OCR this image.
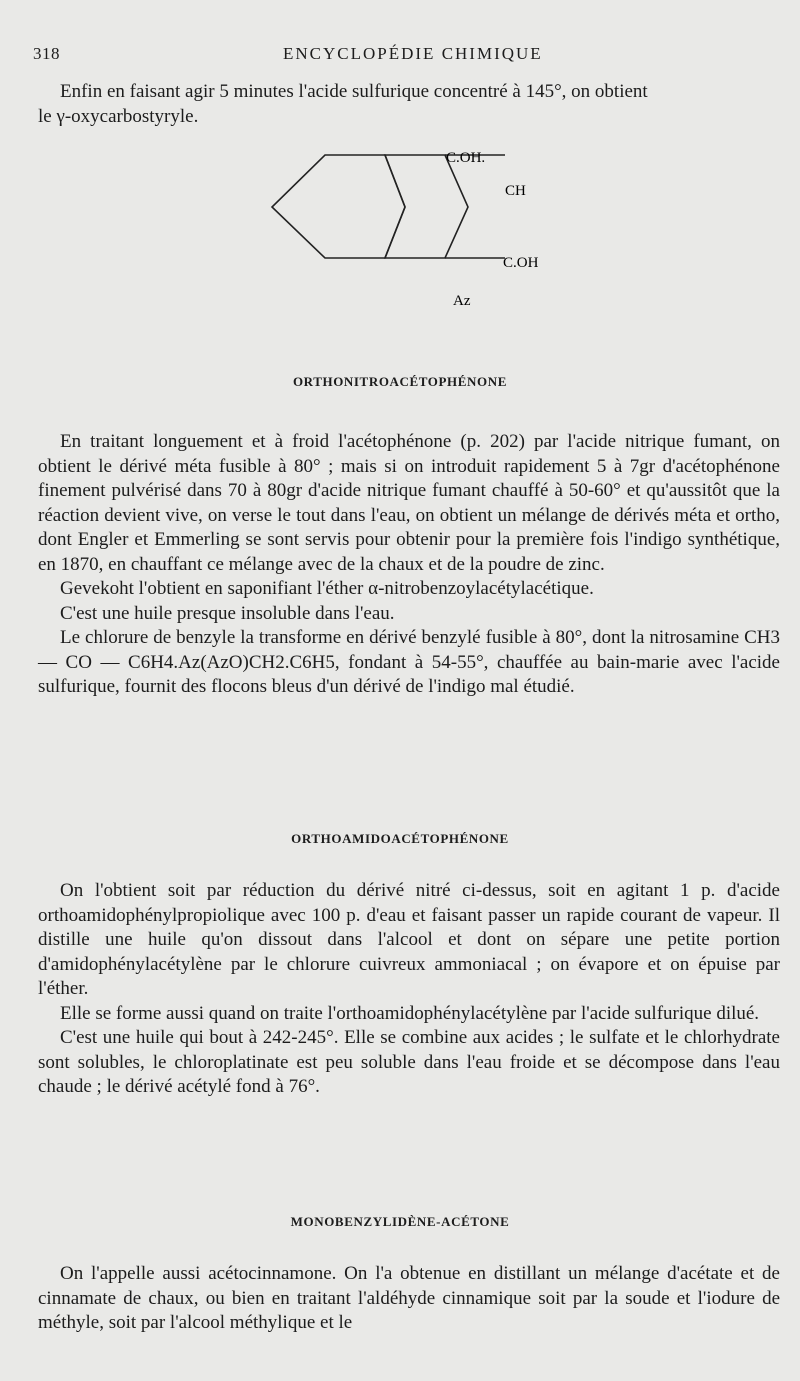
318	ENCYCLOPÉDIE CHIMIQUE

Enfin en faisant agir 5 minutes l'acide sulfurique concentré à 145°, on obtient

le γ-oxycarbostyryle.

C.OH.
CH
C.OH
Az
ORTHONITROACÉTOPHÉNONE

En traitant longuement et à froid l'acétophénone (p. 202) par l'acide nitrique fumant, on obtient le dérivé méta fusible à 80° ; mais si on introduit rapidement 5 à 7gr d'acétophénone finement pulvérisé dans 70 à 80gr d'acide nitrique fumant chauffé à 50-60° et qu'aussitôt que la réaction devient vive, on verse le tout dans l'eau, on obtient un mélange de dérivés méta et ortho, dont Engler et Emmerling se sont servis pour obtenir pour la première fois l'indigo synthétique, en 1870, en chauffant ce mélange avec de la chaux et de la poudre de zinc.

Gevekoht l'obtient en saponifiant l'éther α-nitrobenzoylacétylacétique.

C'est une huile presque insoluble dans l'eau.

Le chlorure de benzyle la transforme en dérivé benzylé fusible à 80°, dont la nitrosamine CH3 — CO — C6H4.Az(AzO)CH2.C6H5, fondant à 54-55°, chauffée au bain-marie avec l'acide sulfurique, fournit des flocons bleus d'un dérivé de l'indigo mal étudié.

ORTHOAMIDOACÉTOPHÉNONE

On l'obtient soit par réduction du dérivé nitré ci-dessus, soit en agitant 1 p. d'acide orthoamidophénylpropiolique avec 100 p. d'eau et faisant passer un rapide courant de vapeur. Il distille une huile qu'on dissout dans l'alcool et dont on sépare une petite portion d'amidophénylacétylène par le chlorure cuivreux ammoniacal ; on évapore et on épuise par l'éther.

Elle se forme aussi quand on traite l'orthoamidophénylacétylène par l'acide sulfurique dilué.

C'est une huile qui bout à 242-245°. Elle se combine aux acides ; le sulfate et le chlorhydrate sont solubles, le chloroplatinate est peu soluble dans l'eau froide et se décompose dans l'eau chaude ; le dérivé acétylé fond à 76°.

MONOBENZYLIDÈNE-ACÉTONE

On l'appelle aussi acétocinnamone. On l'a obtenue en distillant un mélange d'acétate et de cinnamate de chaux, ou bien en traitant l'aldéhyde cinnamique soit par la soude et l'iodure de méthyle, soit par l'alcool méthylique et le
